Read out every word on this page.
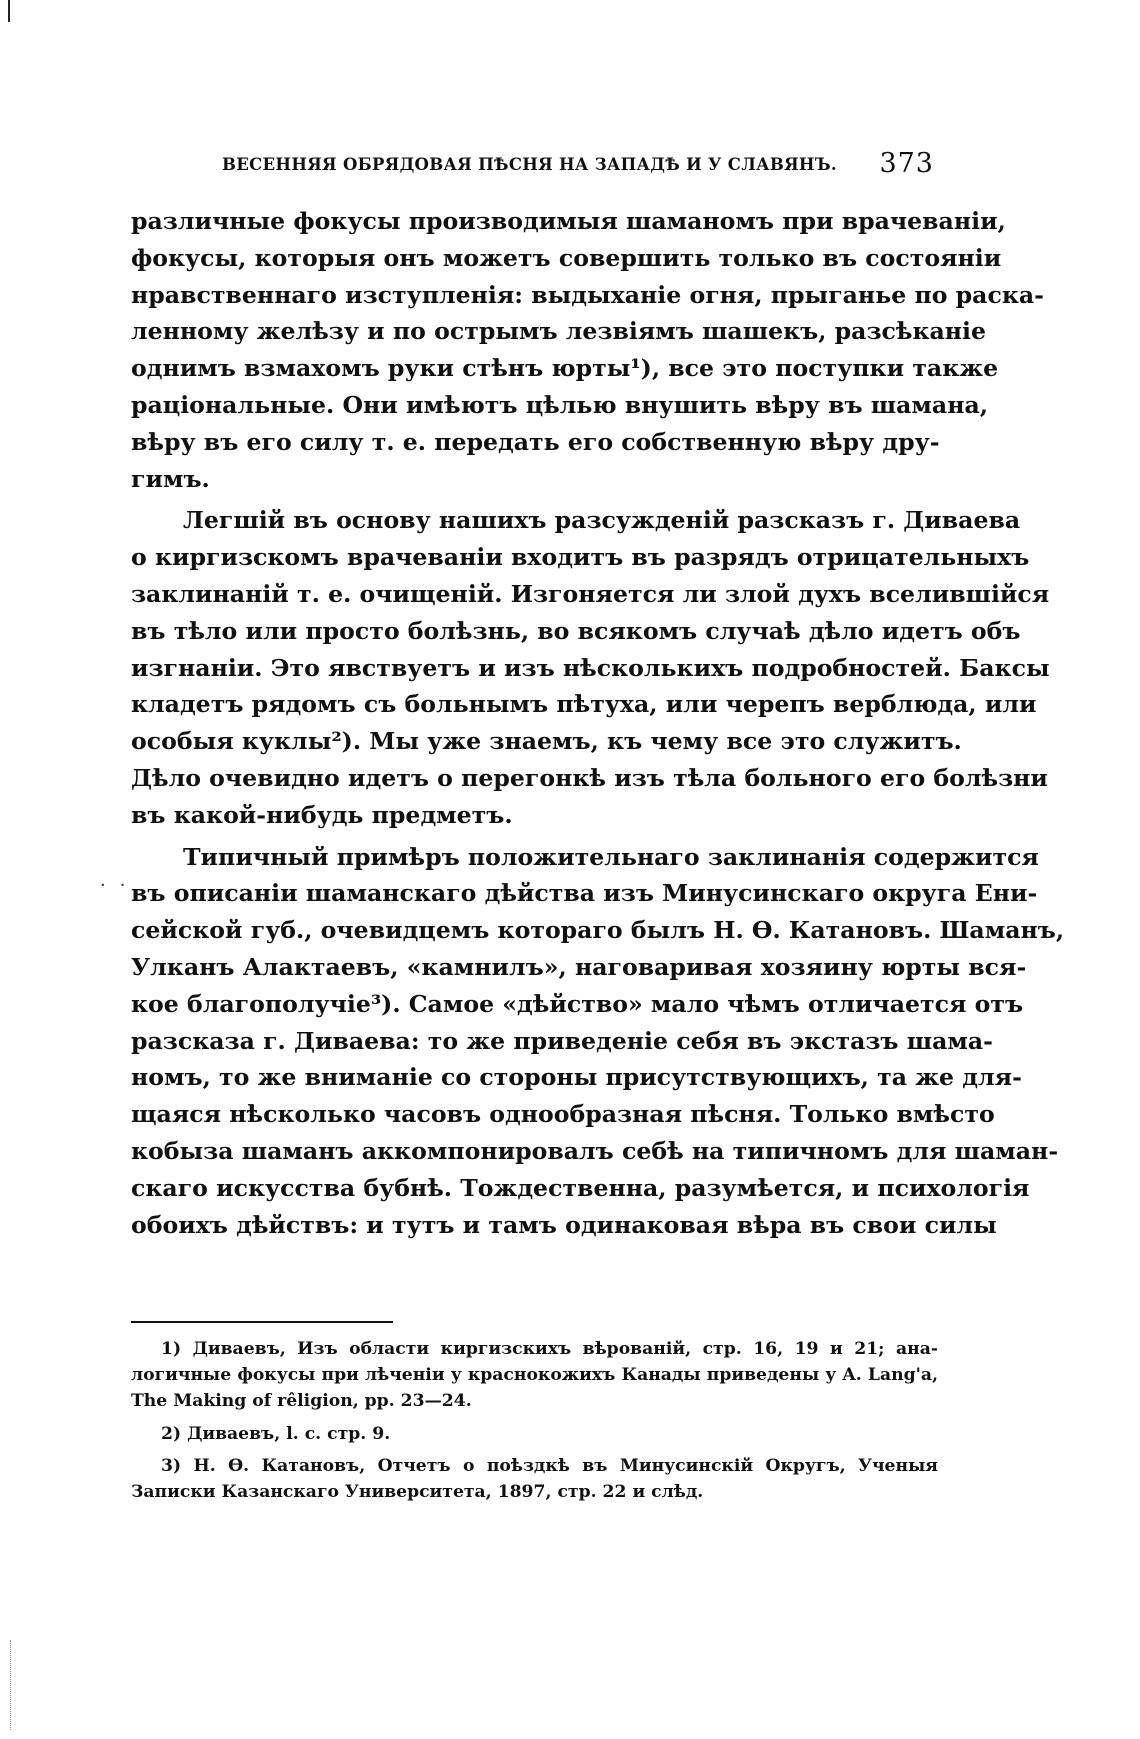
ВЕСЕННЯЯ ОБРЯДОВАЯ ПѢСНЯ НА ЗАПАДѢ И У СЛАВЯНЪ. 373
··
различные фокусы производимыя шаманомъ при врачеваніи,
фокусы, которыя онъ можетъ совершить только въ состояніи
нравственнаго изступленія: выдыханіе огня, прыганье по раска-
ленному желѣзу и по острымъ лезвіямъ шашекъ, разсѣканіе
однимъ взмахомъ руки стѣнъ юрты¹), все это поступки также
раціональные. Они имѣютъ цѣлью внушить вѣру въ шамана,
вѣру въ его силу т. е. передать его собственную вѣру дру-
гимъ.
Легшій въ основу нашихъ разсужденій разсказъ г. Диваева
о киргизскомъ врачеваніи входитъ въ разрядъ отрицательныхъ
заклинаній т. е. очищеній. Изгоняется ли злой духъ вселившійся
въ тѣло или просто болѣзнь, во всякомъ случаѣ дѣло идетъ объ
изгнаніи. Это явствуетъ и изъ нѣсколькихъ подробностей. Баксы
кладетъ рядомъ съ больнымъ пѣтуха, или черепъ верблюда, или
особыя куклы²). Мы уже знаемъ, къ чему все это служитъ.
Дѣло очевидно идетъ о перегонкѣ изъ тѣла больного его болѣзни
въ какой-нибудь предметъ.
Типичный примѣръ положительнаго заклинанія содержится
въ описаніи шаманскаго дѣйства изъ Минусинскаго округа Ени-
сейской губ., очевидцемъ котораго былъ Н. Ѳ. Катановъ. Шаманъ,
Улканъ Алактаевъ, «камнилъ», наговаривая хозяину юрты вся-
кое благополучіе³). Самое «дѣйство» мало чѣмъ отличается отъ
разсказа г. Диваева: то же приведеніе себя въ экстазъ шама-
номъ, то же вниманіе со стороны присутствующихъ, та же для-
щаяся нѣсколько часовъ однообразная пѣсня. Только вмѣсто
кобыза шаманъ аккомпонировалъ себѣ на типичномъ для шаман-
скаго искусства бубнѣ. Тождественна, разумѣется, и психологія
обоихъ дѣйствъ: и тутъ и тамъ одинаковая вѣра въ свои силы
1) Диваевъ, Изъ области киргизскихъ вѣрованій, стр. 16, 19 и 21; ана-
логичные фокусы при лѣченіи у краснокожихъ Канады приведены у A. Lang'a,
The Making of rêligion, pp. 23—24.
2) Диваевъ, l. c. стр. 9.
3) Н. Ѳ. Катановъ, Отчетъ о поѣздкѣ въ Минусинскій Округъ, Ученыя
Записки Казанскаго Университета, 1897, стр. 22 и слѣд.
